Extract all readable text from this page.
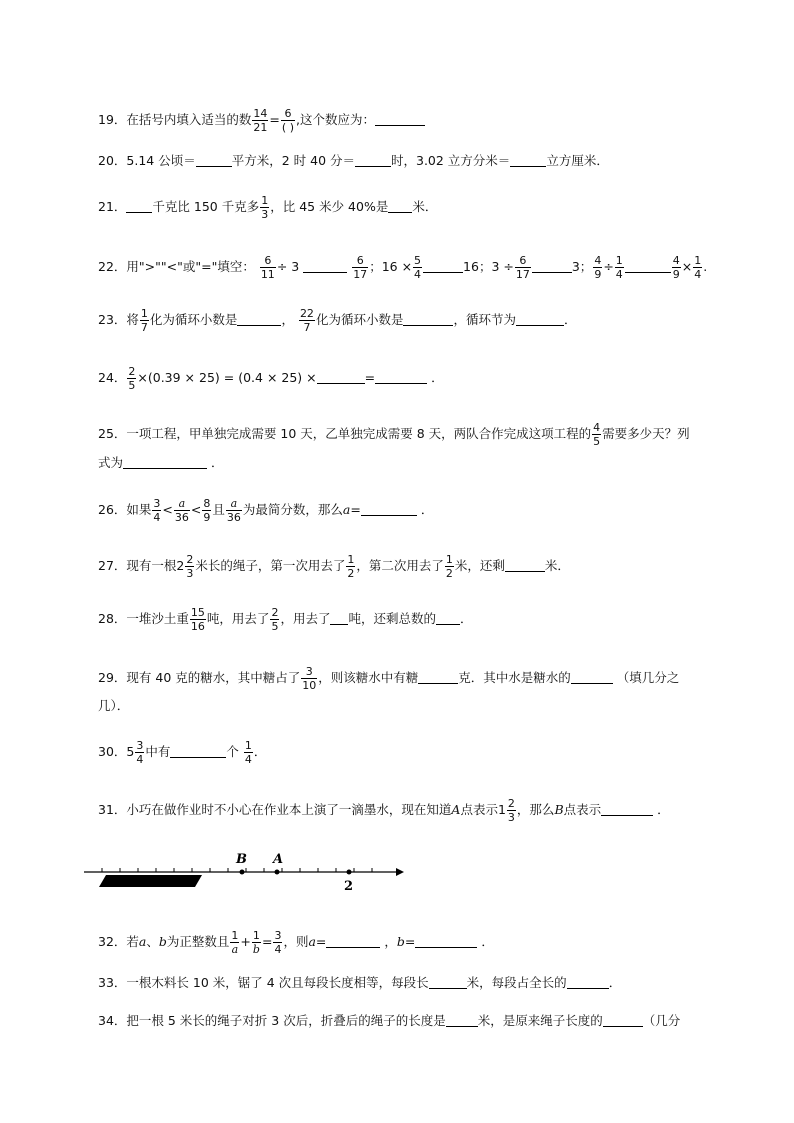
19．在括号内填入适当的数 $\frac{14}{21} = \frac{6}{( )}$ ,这个数应为：
20．5.14 公顷＝	平方米，2 时 40 分＝	时，3.02 立方分米＝	立方厘米．
21． 千克比 150 千克多 $\frac{1}{3}$ ，比 45 米少 40%是 米．
22．用">""<"或"="填空： $\frac{6}{11} \div 3$	$\frac{6}{17}$ ；$16 \times \frac{5}{4}$	16；$3 \div \frac{6}{17}$	3； $\frac{4}{9} \div \frac{1}{4}$	$\frac{4}{9} \times \frac{1}{4}$ .
23．将 $\frac{1}{7}$ 化为循环小数是	， $\frac{22}{7}$ 化为循环小数是	，循环节为	．
24． $\frac{2}{5} \times(0.39 \times 25) = (0.4 \times 25)$ ×	=	．
25．一项工程，甲单独完成需要 10 天，乙单独完成需要 8 天，两队合作完成这项工程的 $\frac{4}{5}$ 需要多少天？列
式为	．
26．如果 $\frac{3}{4} < \frac{a}{36} < \frac{8}{9}$ 且 $\frac{a}{36}$ 为最简分数，那么a=	．
27．现有一根$2 \frac{2}{3}$ 米长的绳子，第一次用去了 $\frac{1}{2}$ ，第二次用去了 $\frac{1}{2}$ 米，还剩	米．
28．一堆沙土重 $\frac{15}{16}$ 吨，用去了 $\frac{2}{5}$ ，用去了 吨，还剩总数的 ．
29．现有 40 克的糖水，其中糖占了 $\frac{3}{10}$ ，则该糖水中有糖	克．其中水是糖水的	（填几分之
几）．
30．$5 \frac{3}{4}$ 中有	个 $\frac{1}{4}$ ．
31．小巧在做作业时不小心在作业本上演了一滴墨水，现在知道A点表示$1 \frac{2}{3}$ ，那么B点表示	．
B A
2
32．若a、b为正整数且 $\frac{1}{a} + \frac{1}{b} = \frac{3}{4}$ ，则a=	，b=	．
33．一根木料长 10 米，锯了 4 次且每段长度相等，每段长	米，每段占全长的	．
34．把一根 5 米长的绳子对折 3 次后，折叠后的绳子的长度是	米，是原来绳子长度的	（几分
